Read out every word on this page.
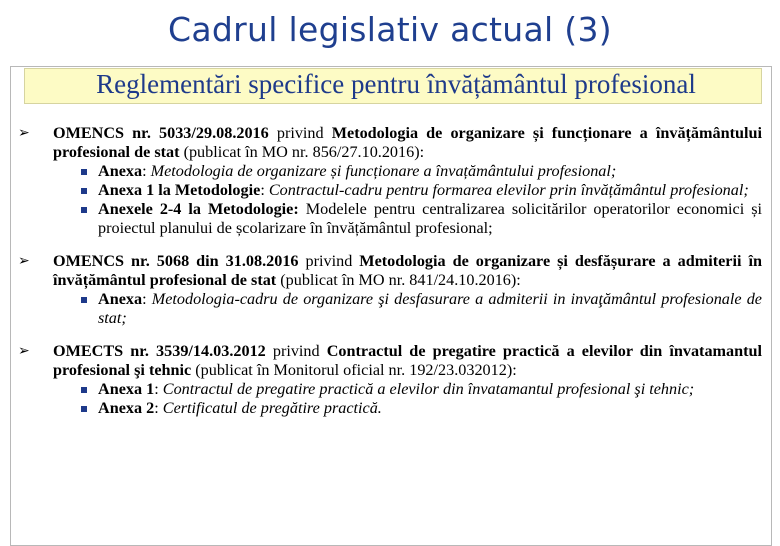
Cadrul legislativ actual (3)
Reglementări specifice pentru învățământul profesional
➢ OMENCS nr. 5033/29.08.2016 privind Metodologia de organizare și funcționare a învățământului profesional de stat (publicat în MO nr. 856/27.10.2016):
Anexa: Metodologia de organizare și funcționare a învațământului profesional;
Anexa 1 la Metodologie: Contractul-cadru pentru formarea elevilor prin învățământul profesional;
Anexele 2-4 la Metodologie: Modelele pentru centralizarea solicitărilor operatorilor economici și proiectul planului de școlarizare în învățământul profesional;
➢ OMENCS nr. 5068 din 31.08.2016 privind Metodologia de organizare și desfășurare a admiterii în învățământul profesional de stat (publicat în MO nr. 841/24.10.2016):
Anexa: Metodologia-cadru de organizare şi desfasurare a admiterii in invaţământul profesionale de stat;
➢ OMECTS nr. 3539/14.03.2012 privind Contractul de pregatire practică a elevilor din învatamantul profesional şi tehnic (publicat în Monitorul oficial nr. 192/23.032012):
Anexa 1: Contractul de pregatire practică a elevilor din învatamantul profesional şi tehnic;
Anexa 2: Certificatul de pregătire practică.
